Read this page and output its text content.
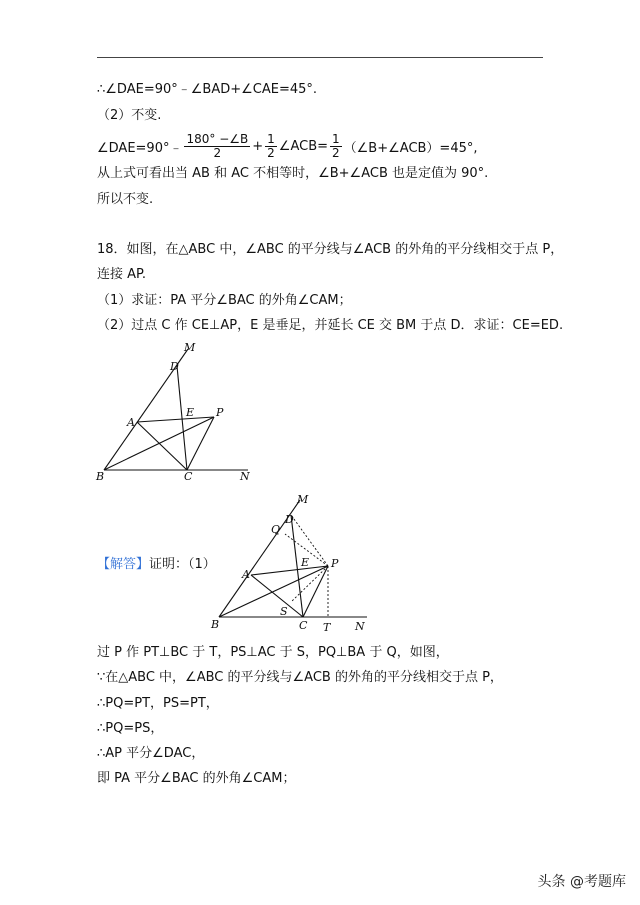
∴∠DAE=90°﹣∠BAD+∠CAE=45°.
（2）不变.
∠DAE=90°﹣ $\frac{180^\circ -\angle B}{2} + \frac{1}{2}$ ∠ACB= $\frac{1}{2}$ （∠B+∠ACB）=45°,
从上式可看出当 AB 和 AC 不相等时，∠B+∠ACB 也是定值为 90°.
所以不变.
18．如图，在△ABC 中，∠ABC 的平分线与∠ACB 的外角的平分线相交于点 P，
连接 AP.
（1）求证：PA 平分∠BAC 的外角∠CAM；
（2）过点 C 作 CE⊥AP，E 是垂足，并延长 CE 交 BM 于点 D．求证：CE=ED.
M
D
E P
A
B	C	N
M
Q
D
E P
A
S
B	C T N
【解答】证明：（1）
过 P 作 PT⊥BC 于 T，PS⊥AC 于 S，PQ⊥BA 于 Q，如图，
∵在△ABC 中，∠ABC 的平分线与∠ACB 的外角的平分线相交于点 P，
∴PQ=PT，PS=PT，
∴PQ=PS，
∴AP 平分∠DAC，
即 PA 平分∠BAC 的外角∠CAM；
头条 @考题库
